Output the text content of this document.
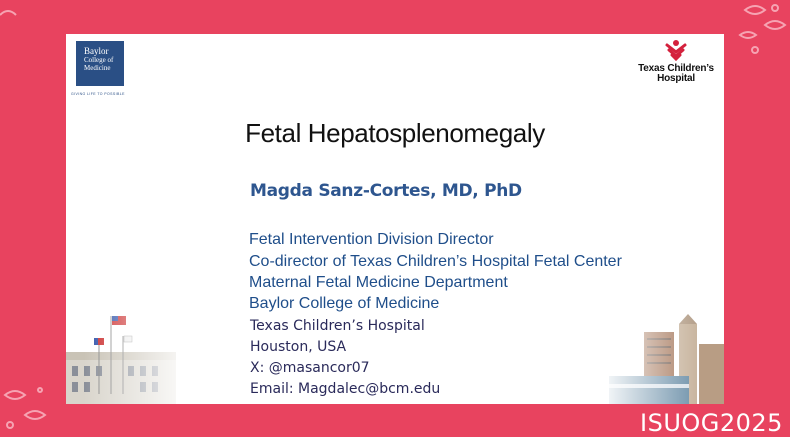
Baylor
College of
Medicine
GIVING LIFE TO POSSIBLE
Texas Children’s
Hospital
Fetal Hepatosplenomegaly
Magda Sanz-Cortes, MD, PhD
Fetal Intervention Division Director
Co-director of Texas Children’s Hospital Fetal Center
Maternal Fetal Medicine Department
Baylor College of Medicine
Texas Children’s Hospital
Houston, USA
X: @masancor07
Email: Magdalec@bcm.edu
ISUOG2025
